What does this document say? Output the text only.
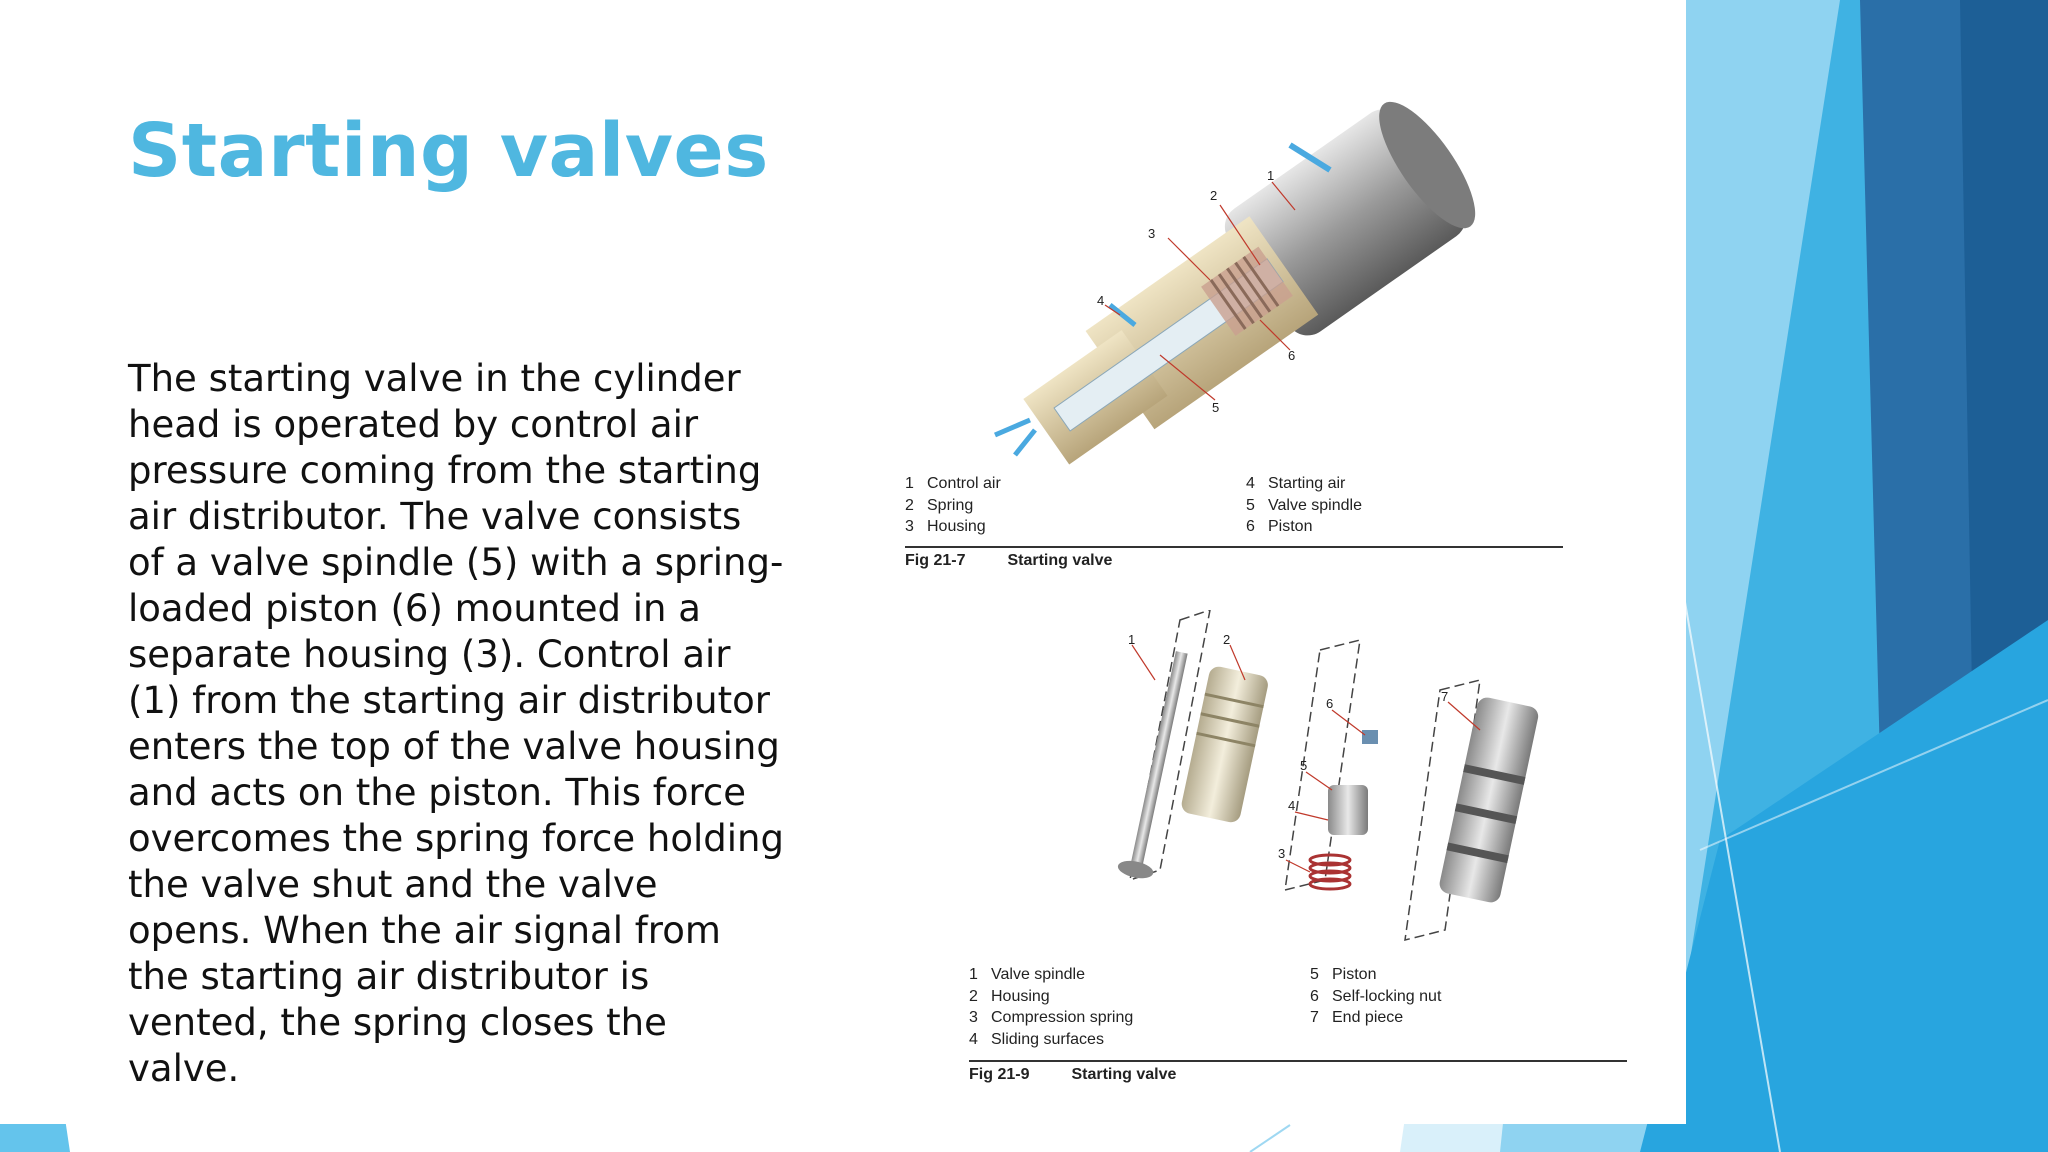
Starting valves
The starting valve in the cylinder head is operated by control air pressure coming from the starting air distributor. The valve consists of a valve spindle (5) with a spring-loaded piston (6) mounted in a separate housing (3). Control air (1) from the starting air distributor enters the top of the valve housing and acts on the piston. This force overcomes the spring force holding the valve shut and the valve opens. When the air signal from the starting air distributor is vented, the spring closes the valve.
1
2
3
4
5
6
1 Control air
2 Spring
3 Housing
4 Starting air
5 Valve spindle
6 Piston
Fig 21-7	Starting valve
1	2
6	7
5
4
3
1 Valve spindle
2 Housing
3 Compression spring
4 Sliding surfaces
5 Piston
6 Self-locking nut
7 End piece
Fig 21-9	Starting valve
